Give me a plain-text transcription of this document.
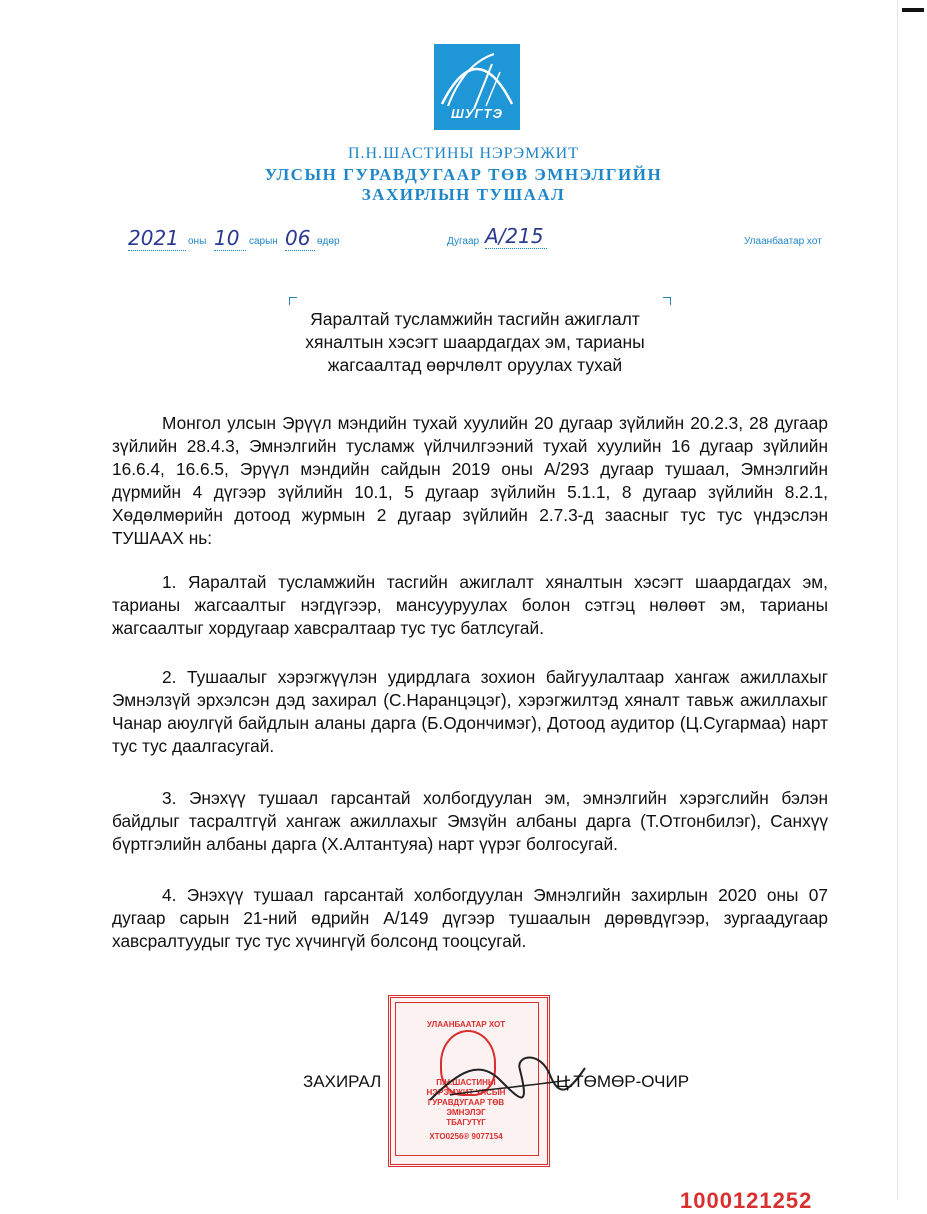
ШУГТЭ
П.Н.ШАСТИНЫ НЭРЭМЖИТ
УЛСЫН ГУРАВДУГААР ТӨВ ЭМНЭЛГИЙН
ЗАХИРЛЫН ТУШААЛ
2021 оны 10 сарын 06 өдөр	Дугаар А/215	Улаанбаатар хот
Яаралтай тусламжийн тасгийн ажиглалт
хяналтын хэсэгт шаардагдах эм, тарианы
жагсаалтад өөрчлөлт оруулах тухай
Монгол улсын Эрүүл мэндийн тухай хуулийн 20 дугаар зүйлийн 20.2.3, 28 дугаар зүйлийн 28.4.3, Эмнэлгийн тусламж үйлчилгээний тухай хуулийн 16 дугаар зүйлийн 16.6.4, 16.6.5, Эрүүл мэндийн сайдын 2019 оны А/293 дугаар тушаал, Эмнэлгийн дүрмийн 4 дүгээр зүйлийн 10.1, 5 дугаар зүйлийн 5.1.1, 8 дугаар зүйлийн 8.2.1, Хөдөлмөрийн дотоод журмын 2 дугаар зүйлийн 2.7.3-д заасныг тус тус үндэслэн ТУШААХ нь:
1. Яаралтай тусламжийн тасгийн ажиглалт хяналтын хэсэгт шаардагдах эм, тарианы жагсаалтыг нэгдүгээр, мансууруулах болон сэтгэц нөлөөт эм, тарианы жагсаалтыг хордугаар хавсралтаар тус тус батлсугай.
2. Тушаалыг хэрэгжүүлэн удирдлага зохион байгуулалтаар хангаж ажиллахыг Эмнэлзүй эрхэлсэн дэд захирал (С.Наранцэцэг), хэрэгжилтэд хяналт тавьж ажиллахыг Чанар аюулгүй байдлын аланы дарга (Б.Одончимэг), Дотоод аудитор (Ц.Сугармаа) нарт тус тус даалгасугай.
3. Энэхүү тушаал гарсантай холбогдуулан эм, эмнэлгийн хэрэгслийн бэлэн байдлыг тасралтгүй хангаж ажиллахыг Эмзүйн албаны дарга (Т.Отгонбилэг), Санхүү бүртгэлийн албаны дарга (Х.Алтантуяа) нарт үүрэг болгосугай.
4. Энэхүү тушаал гарсантай холбогдуулан Эмнэлгийн захирлын 2020 оны 07 дугаар сарын 21-ний өдрийн А/149 дүгээр тушаалын дөрөвдүгээр, зургаадугаар хавсралтуудыг тус тус хүчингүй болсонд тооцсугай.
УЛААНБААТАР ХОТ
П.Н.ШАСТИНЫ
НЭРЭМЖИТ УЛСЫН
ГУРАВДУГААР ТӨВ
ЭМНЭЛЭГ
ТБАГУТҮГ
ХТО0256® 9077154
ЗАХИРАЛ	Ц.ТӨМӨР-ОЧИР
1000121252
